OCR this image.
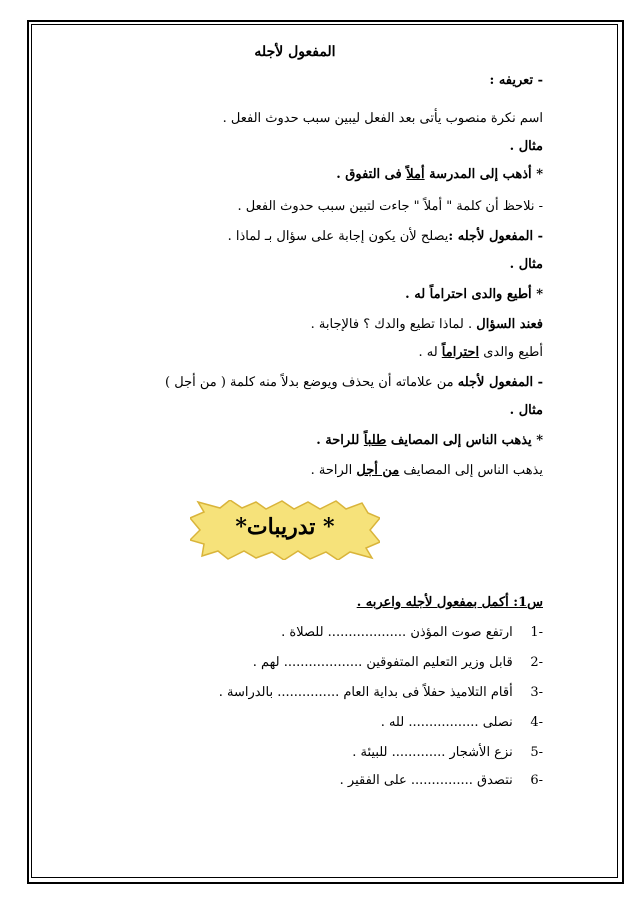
المفعول لأجله
- تعريفه :
اسم نكرة منصوب يأتى بعد الفعل ليبين سبب حدوث الفعل .
مثال .
* أذهب إلى المدرسة أملاً فى التفوق .
- نلاحظ أن كلمة " أملاً " جاءت لتبين سبب حدوث الفعل .
- المفعول لأجله :يصلح لأن يكون إجابة على سؤال بـ لماذا .
مثال .
* أطيع والدى احتراماً له .
فعند السؤال . لماذا تطيع والدك ؟ فالإجابة .
أطيع والدى احتراماً له .
- المفعول لأجله من علاماته أن يحذف ويوضع بدلاً منه كلمة ( من أجل )
مثال .
* يذهب الناس إلى المصايف طلباً للراحة .
يذهب الناس إلى المصايف من أجل الراحة .
* تدريبات*
س1: أكمل بمفعول لأجله واعربه .
-1  ارتفع صوت المؤذن ................... للصلاة .
-2  قابل وزير التعليم المتفوقين ................... لهم .
-3  أقام التلاميذ حفلاً فى بداية العام ............... بالدراسة .
-4  نصلى ................. لله .
-5  نزع الأشجار ............. للبيئة .
-6  نتصدق ............... على الفقير .
